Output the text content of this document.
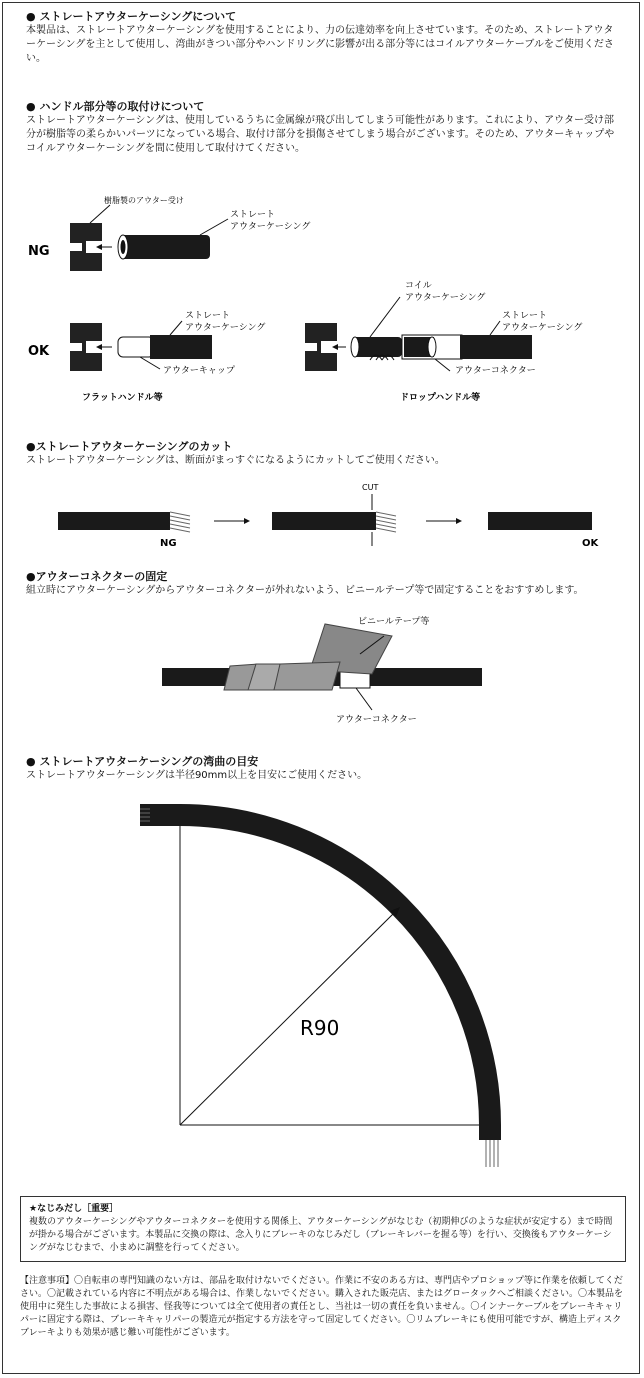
● ストレートアウターケーシングについて

本製品は、ストレートアウターケーシングを使用することにより、力の伝達効率を向上させています。そのため、ストレートアウターケーシングを主として使用し、湾曲がきつい部分やハンドリングに影響が出る部分等にはコイルアウターケーブルをご使用ください。

● ハンドル部分等の取付けについて

ストレートアウターケーシングは、使用しているうちに金属線が飛び出してしまう可能性があります。これにより、アウター受け部分が樹脂等の柔らかいパーツになっている場合、取付け部分を損傷させてしまう場合がございます。そのため、アウターキャップやコイルアウターケーシングを間に使用して取付けてください。

NG
樹脂製のアウター受け
ストレート
アウターケーシング
OK
ストレート
アウターケーシング
アウターキャップ
フラットハンドル等
コイル
アウターケーシング
ストレート
アウターケーシング
アウターコネクター
ドロップハンドル等
●ストレートアウターケーシングのカット

ストレートアウターケーシングは、断面がまっすぐになるようにカットしてご使用ください。

NG
CUT
OK
●アウターコネクターの固定

組立時にアウターケーシングからアウターコネクターが外れないよう、ビニールテープ等で固定することをおすすめします。

ビニールテープ等
アウターコネクター
● ストレートアウターケーシングの湾曲の目安

ストレートアウターケーシングは半径90mm以上を目安にご使用ください。

R90
★なじみだし［重要］
複数のアウターケーシングやアウターコネクターを使用する関係上、アウターケーシングがなじむ（初期伸びのような症状が安定する）まで時間が掛かる場合がございます。本製品に交換の際は、念入りにブレーキのなじみだし（ブレーキレバーを握る等）を行い、交換後もアウターケーシングがなじむまで、小まめに調整を行ってください。
【注意事項】〇自転車の専門知識のない方は、部品を取付けないでください。作業に不安のある方は、専門店やプロショップ等に作業を依頼してください。〇記載されている内容に不明点がある場合は、作業しないでください。購入された販売店、またはグロータックへご相談ください。〇本製品を使用中に発生した事故による損害、怪我等については全て使用者の責任とし、当社は一切の責任を負いません。〇インナーケーブルをブレーキキャリパーに固定する際は、ブレーキキャリパーの製造元が指定する方法を守って固定してください。〇リムブレーキにも使用可能ですが、構造上ディスクブレーキよりも効果が感じ難い可能性がございます。
